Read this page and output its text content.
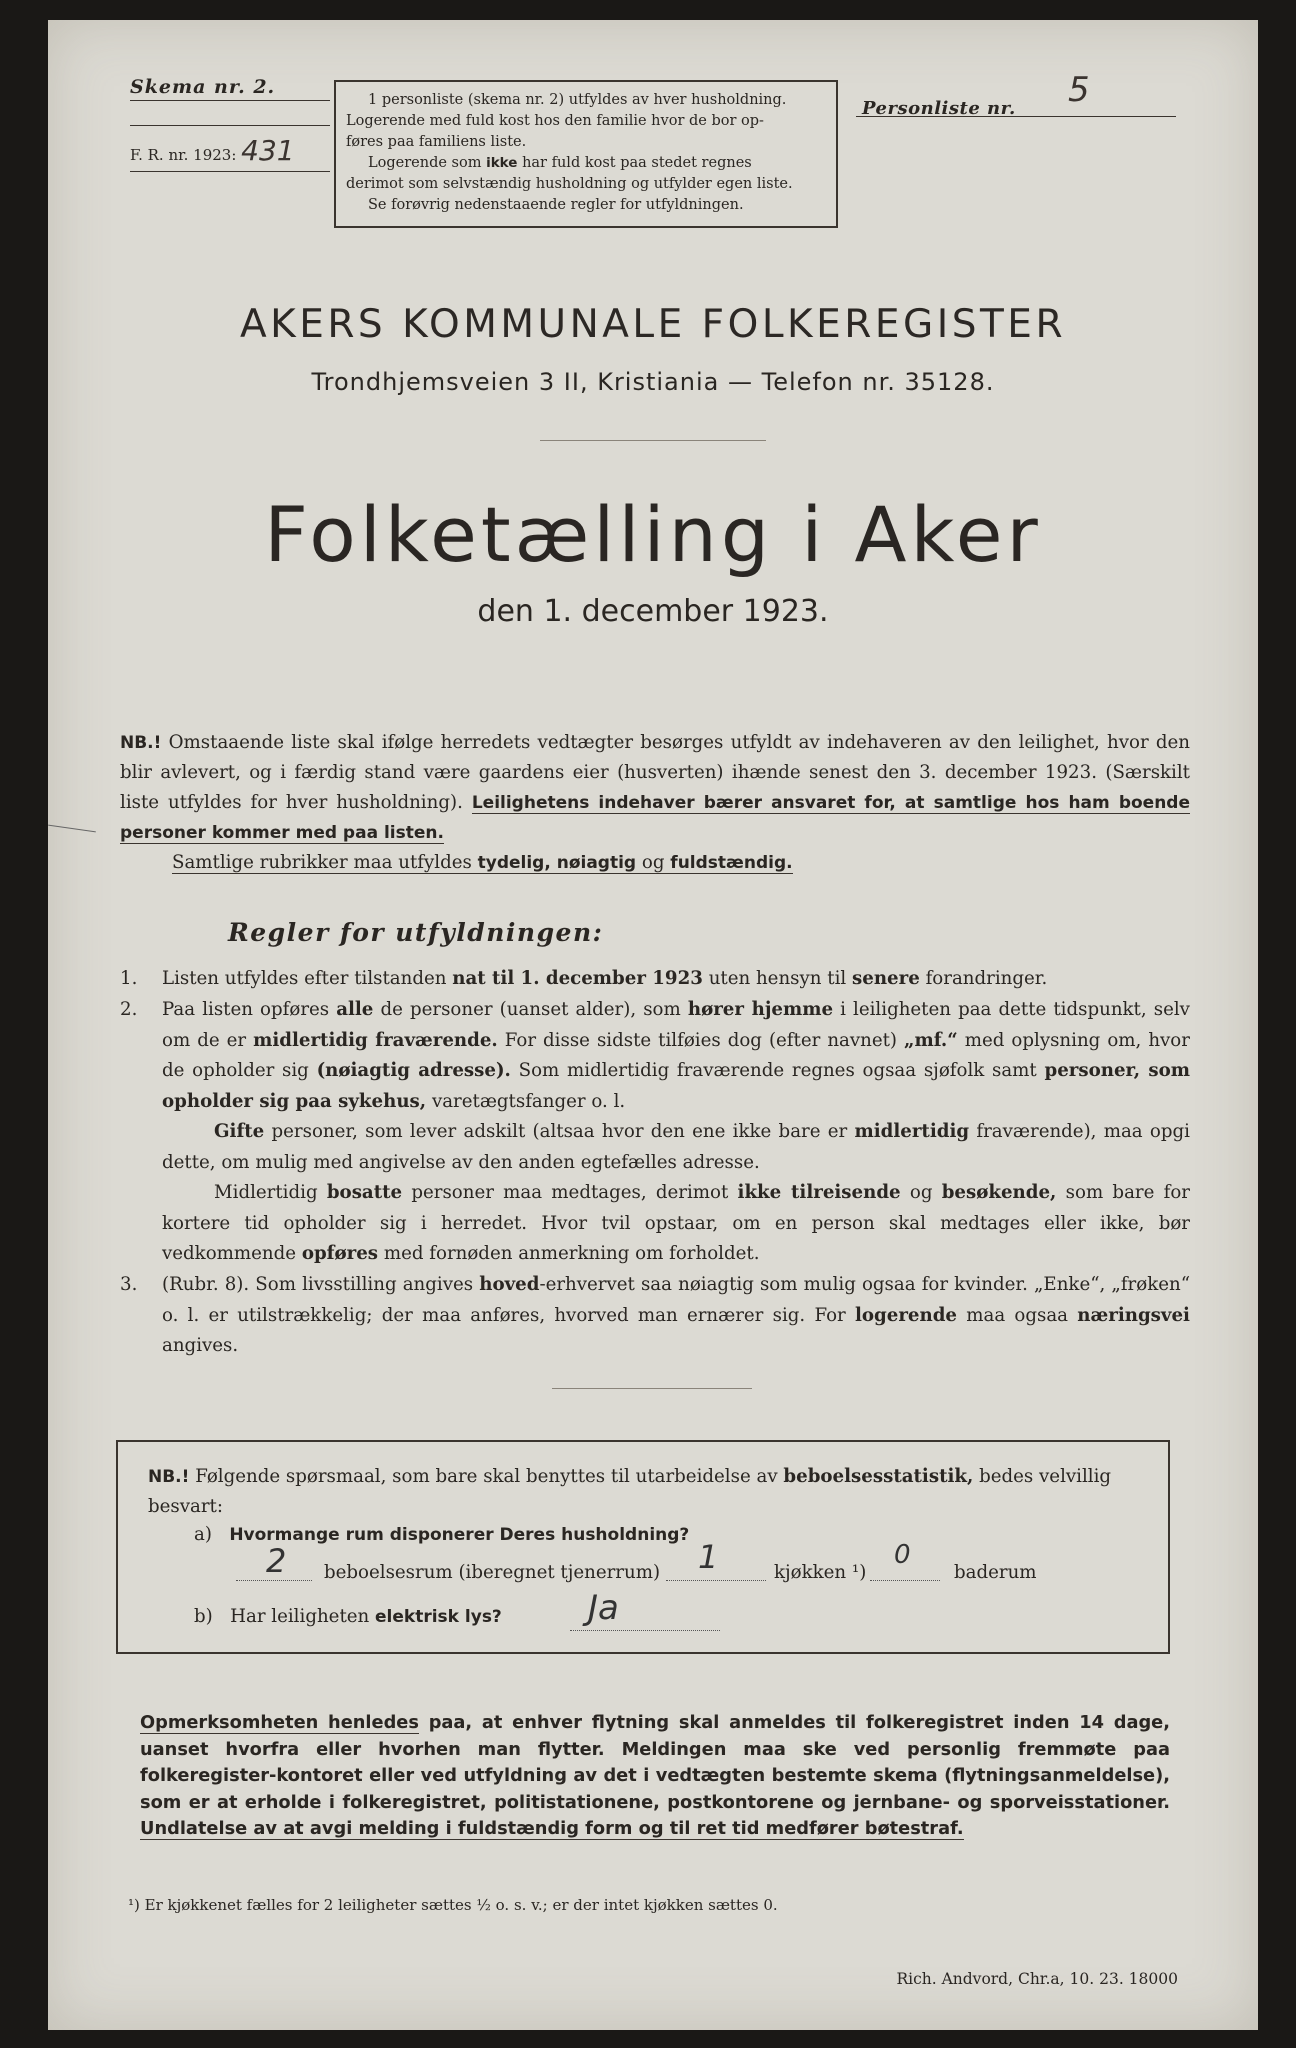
Skema nr. 2.
F. R. nr. 1923: 431

1 personliste (skema nr. 2) utfyldes av hver husholdning.

Logerende med fuld kost hos den familie hvor de bor op-
føres paa familiens liste.

Logerende som ikke har fuld kost paa stedet regnes

derimot som selvstændig husholdning og utfylder egen liste.

Se forøvrig nedenstaaende regler for utfyldningen.

Personliste nr. 5
AKERS KOMMUNALE FOLKEREGISTER
Trondhjemsveien 3 II, Kristiania — Telefon nr. 35128.
Folketælling i Aker
den 1. december 1923.
NB.! Omstaaende liste skal ifølge herredets vedtægter besørges utfyldt av indehaveren av den leilighet, hvor den blir avlevert, og i færdig stand være gaardens eier (husverten) ihænde senest den 3. december 1923. (Særskilt liste utfyldes for hver husholdning). Leilighetens indehaver bærer ansvaret for, at samtlige hos ham boende personer kommer med paa listen.
Samtlige rubrikker maa utfyldes tydelig, nøiagtig og fuldstændig.
Regler for utfyldningen:
1.	Listen utfyldes efter tilstanden nat til 1. december 1923 uten hensyn til senere forandringer.
2.	Paa listen opføres alle de personer (uanset alder), som hører hjemme i leiligheten paa dette tidspunkt, selv om de er midlertidig fraværende. For disse sidste tilføies dog (efter navnet) „mf.“ med oplysning om, hvor de opholder sig (nøiagtig adresse). Som midlertidig fraværende regnes ogsaa sjøfolk samt personer, som opholder sig paa sykehus, varetægtsfanger o. l.
Gifte personer, som lever adskilt (altsaa hvor den ene ikke bare er midlertidig fraværende), maa opgi dette, om mulig med angivelse av den anden egtefælles adresse.
Midlertidig bosatte personer maa medtages, derimot ikke tilreisende og besøkende, som bare for kortere tid opholder sig i herredet. Hvor tvil opstaar, om en person skal medtages eller ikke, bør vedkommende opføres med fornøden anmerkning om forholdet.
3.	(Rubr. 8). Som livsstilling angives hoved-erhvervet saa nøiagtig som mulig ogsaa for kvinder. „Enke“, „frøken“ o. l. er utilstrækkelig; der maa anføres, hvorved man ernærer sig. For logerende maa ogsaa næringsvei angives.
NB.! Følgende spørsmaal, som bare skal benyttes til utarbeidelse av beboelsesstatistik, bedes velvillig besvart:
a) Hvormange rum disponerer Deres husholdning?
2 beboelsesrum (iberegnet tjenerrum) 1	kjøkken ¹)
0
baderum
b) Har leiligheten elektrisk lys?	Ja
Opmerksomheten henledes paa, at enhver flytning skal anmeldes til folkeregistret inden 14 dage, uanset hvorfra eller hvorhen man flytter. Meldingen maa ske ved personlig fremmøte paa folkeregister-kontoret eller ved utfyldning av det i vedtægten bestemte skema (flytningsanmeldelse), som er at erholde i folkeregistret, politistationene, postkontorene og jernbane- og sporveisstationer. Undlatelse av at avgi melding i fuldstændig form og til ret tid medfører bøtestraf.
¹) Er kjøkkenet fælles for 2 leiligheter sættes ½ o. s. v.; er der intet kjøkken sættes 0.
Rich. Andvord, Chr.a, 10. 23. 18000
